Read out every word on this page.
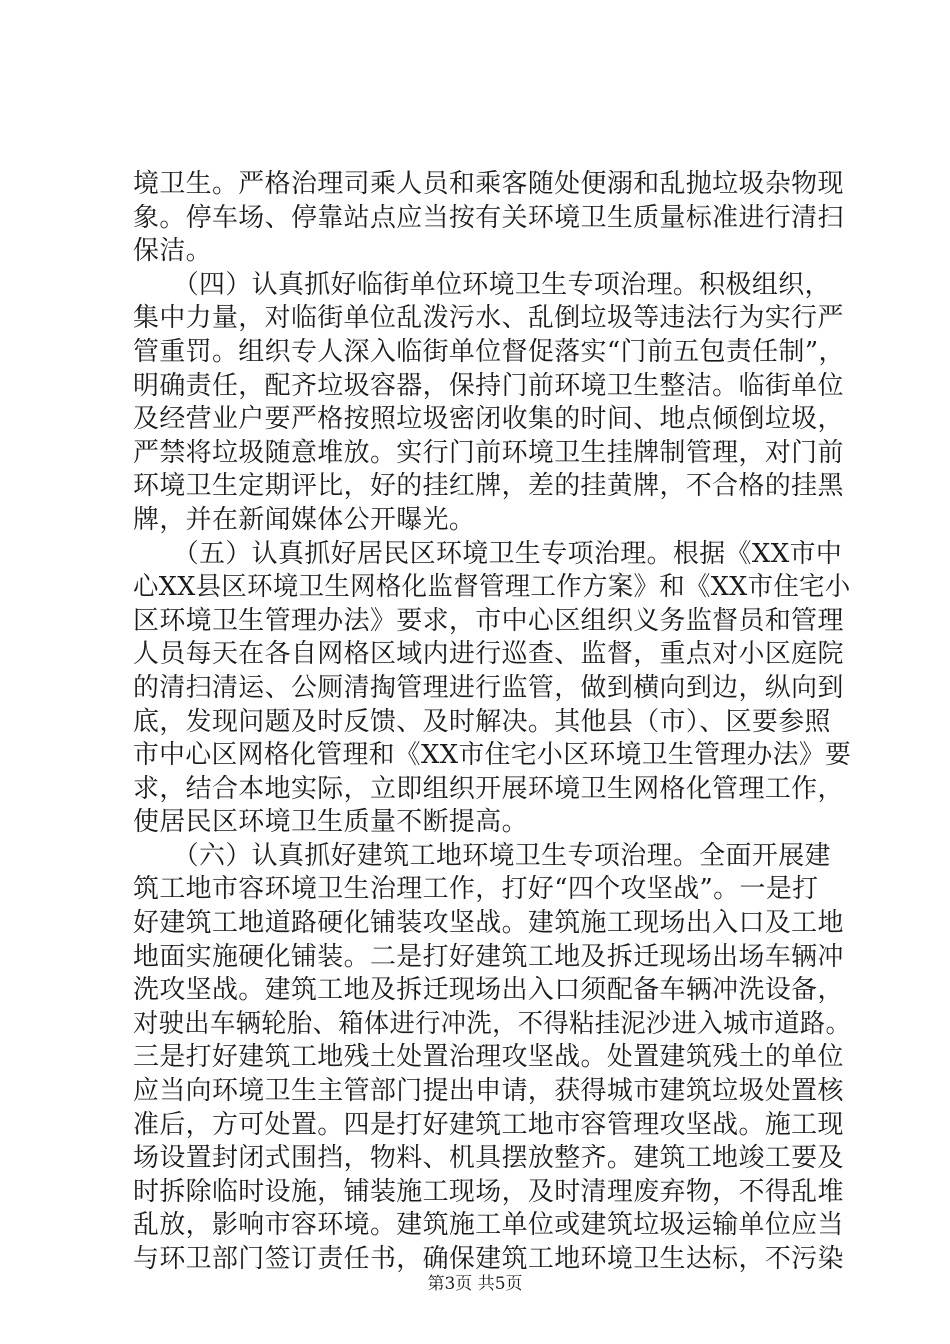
境卫生。严格治理司乘人员和乘客随处便溺和乱抛垃圾杂物现
象。停车场、停靠站点应当按有关环境卫生质量标准进行清扫
保洁。
　　（四）认真抓好临街单位环境卫生专项治理。积极组织，
集中力量，对临街单位乱泼污水、乱倒垃圾等违法行为实行严
管重罚。组织专人深入临街单位督促落实“门前五包责任制”，
明确责任，配齐垃圾容器，保持门前环境卫生整洁。临街单位
及经营业户要严格按照垃圾密闭收集的时间、地点倾倒垃圾，
严禁将垃圾随意堆放。实行门前环境卫生挂牌制管理，对门前
环境卫生定期评比，好的挂红牌，差的挂黄牌，不合格的挂黑
牌，并在新闻媒体公开曝光。
　　（五）认真抓好居民区环境卫生专项治理。根据《XX市中
心XX县区环境卫生网格化监督管理工作方案》和《XX市住宅小
区环境卫生管理办法》要求，市中心区组织义务监督员和管理
人员每天在各自网格区域内进行巡查、监督，重点对小区庭院
的清扫清运、公厕清掏管理进行监管，做到横向到边，纵向到
底，发现问题及时反馈、及时解决。其他县（市）、区要参照
市中心区网格化管理和《XX市住宅小区环境卫生管理办法》要
求，结合本地实际，立即组织开展环境卫生网格化管理工作，
使居民区环境卫生质量不断提高。
　　（六）认真抓好建筑工地环境卫生专项治理。全面开展建
筑工地市容环境卫生治理工作，打好“四个攻坚战”。一是打
好建筑工地道路硬化铺装攻坚战。建筑施工现场出入口及工地
地面实施硬化铺装。二是打好建筑工地及拆迁现场出场车辆冲
洗攻坚战。建筑工地及拆迁现场出入口须配备车辆冲洗设备，
对驶出车辆轮胎、箱体进行冲洗，不得粘挂泥沙进入城市道路。
三是打好建筑工地残土处置治理攻坚战。处置建筑残土的单位
应当向环境卫生主管部门提出申请，获得城市建筑垃圾处置核
准后，方可处置。四是打好建筑工地市容管理攻坚战。施工现
场设置封闭式围挡，物料、机具摆放整齐。建筑工地竣工要及
时拆除临时设施，铺装施工现场，及时清理废弃物，不得乱堆
乱放，影响市容环境。建筑施工单位或建筑垃圾运输单位应当
与环卫部门签订责任书，确保建筑工地环境卫生达标，不污染
第3页 共5页
